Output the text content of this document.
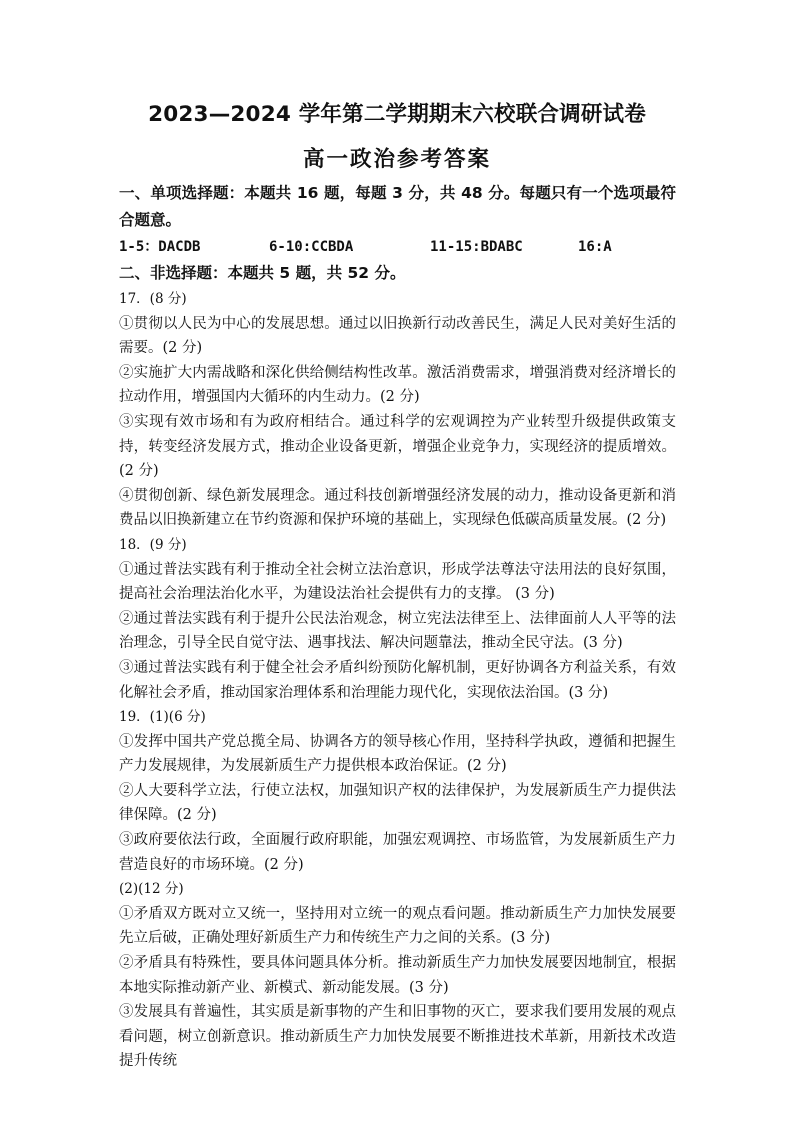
2023—2024 学年第二学期期末六校联合调研试卷
高一政治参考答案

一、单项选择题：本题共 16 题，每题 3 分，共 48 分。每题只有一个选项最符合题意。

1-5：DACDB	6-10:CCBDA	11-15:BDABC	16:A

二、非选择题：本题共 5 题，共 52 分。

17．(8 分)

①贯彻以人民为中心的发展思想。通过以旧换新行动改善民生，满足人民对美好生活的需要。(2 分)

②实施扩大内需战略和深化供给侧结构性改革。激活消费需求，增强消费对经济增长的拉动作用，增强国内大循环的内生动力。(2 分)

③实现有效市场和有为政府相结合。通过科学的宏观调控为产业转型升级提供政策支持，转变经济发展方式，推动企业设备更新，增强企业竞争力，实现经济的提质增效。(2 分)

④贯彻创新、绿色新发展理念。通过科技创新增强经济发展的动力，推动设备更新和消费品以旧换新建立在节约资源和保护环境的基础上，实现绿色低碳高质量发展。(2 分)

18．(9 分)

①通过普法实践有利于推动全社会树立法治意识，形成学法尊法守法用法的良好氛围，提高社会治理法治化水平，为建设法治社会提供有力的支撑。 (3 分)

②通过普法实践有利于提升公民法治观念，树立宪法法律至上、法律面前人人平等的法治理念，引导全民自觉守法、遇事找法、解决问题靠法，推动全民守法。(3 分)

③通过普法实践有利于健全社会矛盾纠纷预防化解机制，更好协调各方利益关系，有效化解社会矛盾，推动国家治理体系和治理能力现代化，实现依法治国。(3 分)

19．(1)(6 分)

①发挥中国共产党总揽全局、协调各方的领导核心作用，坚持科学执政，遵循和把握生产力发展规律，为发展新质生产力提供根本政治保证。(2 分)

②人大要科学立法，行使立法权，加强知识产权的法律保护，为发展新质生产力提供法律保障。(2 分)

③政府要依法行政，全面履行政府职能，加强宏观调控、市场监管，为发展新质生产力营造良好的市场环境。(2 分)

(2)(12 分)

①矛盾双方既对立又统一，坚持用对立统一的观点看问题。推动新质生产力加快发展要先立后破，正确处理好新质生产力和传统生产力之间的关系。(3 分)

②矛盾具有特殊性，要具体问题具体分析。推动新质生产力加快发展要因地制宜，根据本地实际推动新产业、新模式、新动能发展。(3 分)

③发展具有普遍性，其实质是新事物的产生和旧事物的灭亡，要求我们要用发展的观点看问题，树立创新意识。推动新质生产力加快发展要不断推进技术革新，用新技术改造提升传统
